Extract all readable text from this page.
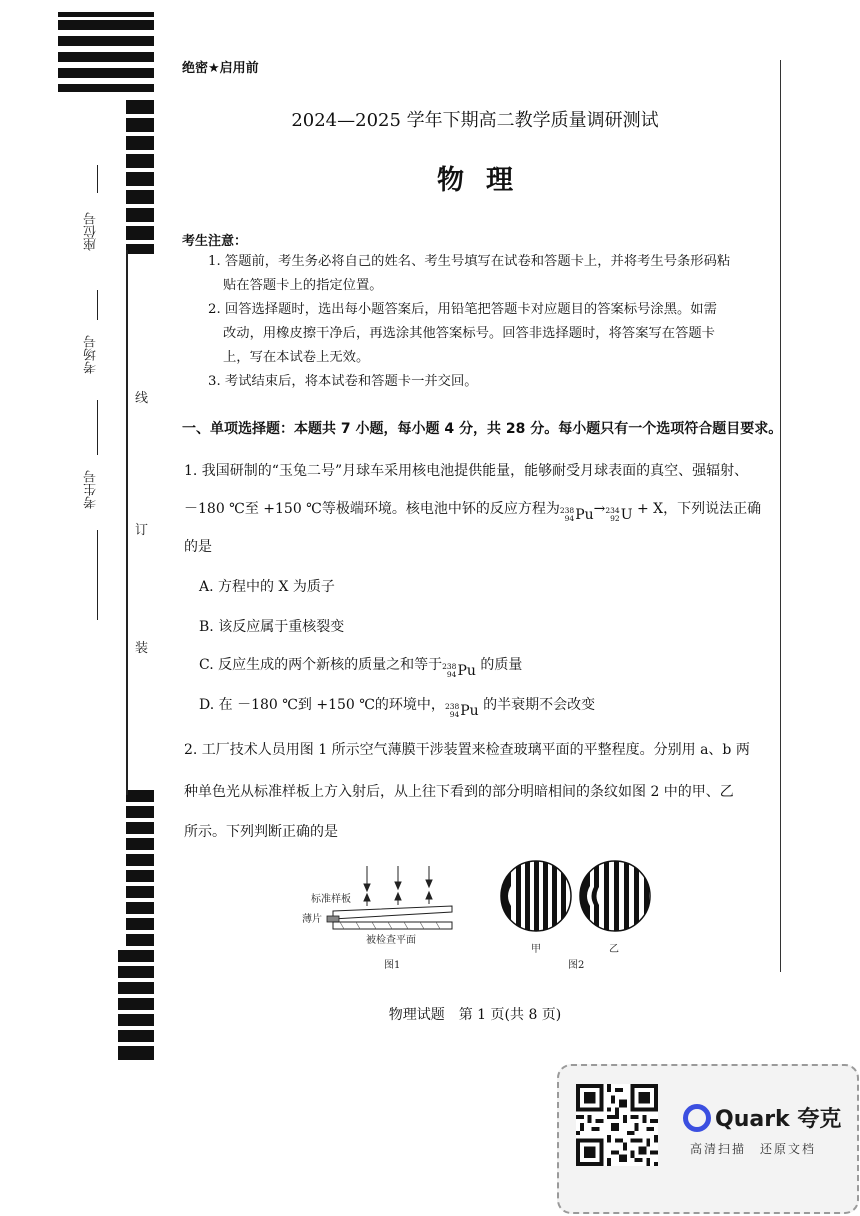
座位号
考场号
考生号
线
订
装
绝密★启用前
2024—2025 学年下期高二教学质量调研测试
物理
考生注意：
1. 答题前，考生务必将自己的姓名、考生号填写在试卷和答题卡上，并将考生号条形码粘
贴在答题卡上的指定位置。
2. 回答选择题时，选出每小题答案后，用铅笔把答题卡对应题目的答案标号涂黑。如需
改动，用橡皮擦干净后，再选涂其他答案标号。回答非选择题时，将答案写在答题卡
上，写在本试卷上无效。
3. 考试结束后，将本试卷和答题卡一并交回。
一、单项选择题：本题共 7 小题，每小题 4 分，共 28 分。每小题只有一个选项符合题目要求。
1. 我国研制的“玉兔二号”月球车采用核电池提供能量，能够耐受月球表面的真空、强辐射、
－180 ℃至 +150 ℃等极端环境。核电池中钚的反应方程为 238
94 Pu → 234
92 U + X，下列说法正确
的是
A. 方程中的 X 为质子
B. 该反应属于重核裂变
C. 反应生成的两个新核的质量之和等于 238
94 Pu 的质量
D. 在 －180 ℃到 +150 ℃的环境中， 238
94 Pu 的半衰期不会改变
2. 工厂技术人员用图 1 所示空气薄膜干涉装置来检查玻璃平面的平整程度。分别用 a、b 两
种单色光从标准样板上方入射后，从上往下看到的部分明暗相间的条纹如图 2 中的甲、乙
所示。下列判断正确的是
标准样板
薄片
被检查平面
图1
甲	乙
图2
物理试题　第 1 页(共 8 页)
Quark 夸克
高清扫描　还原文档
